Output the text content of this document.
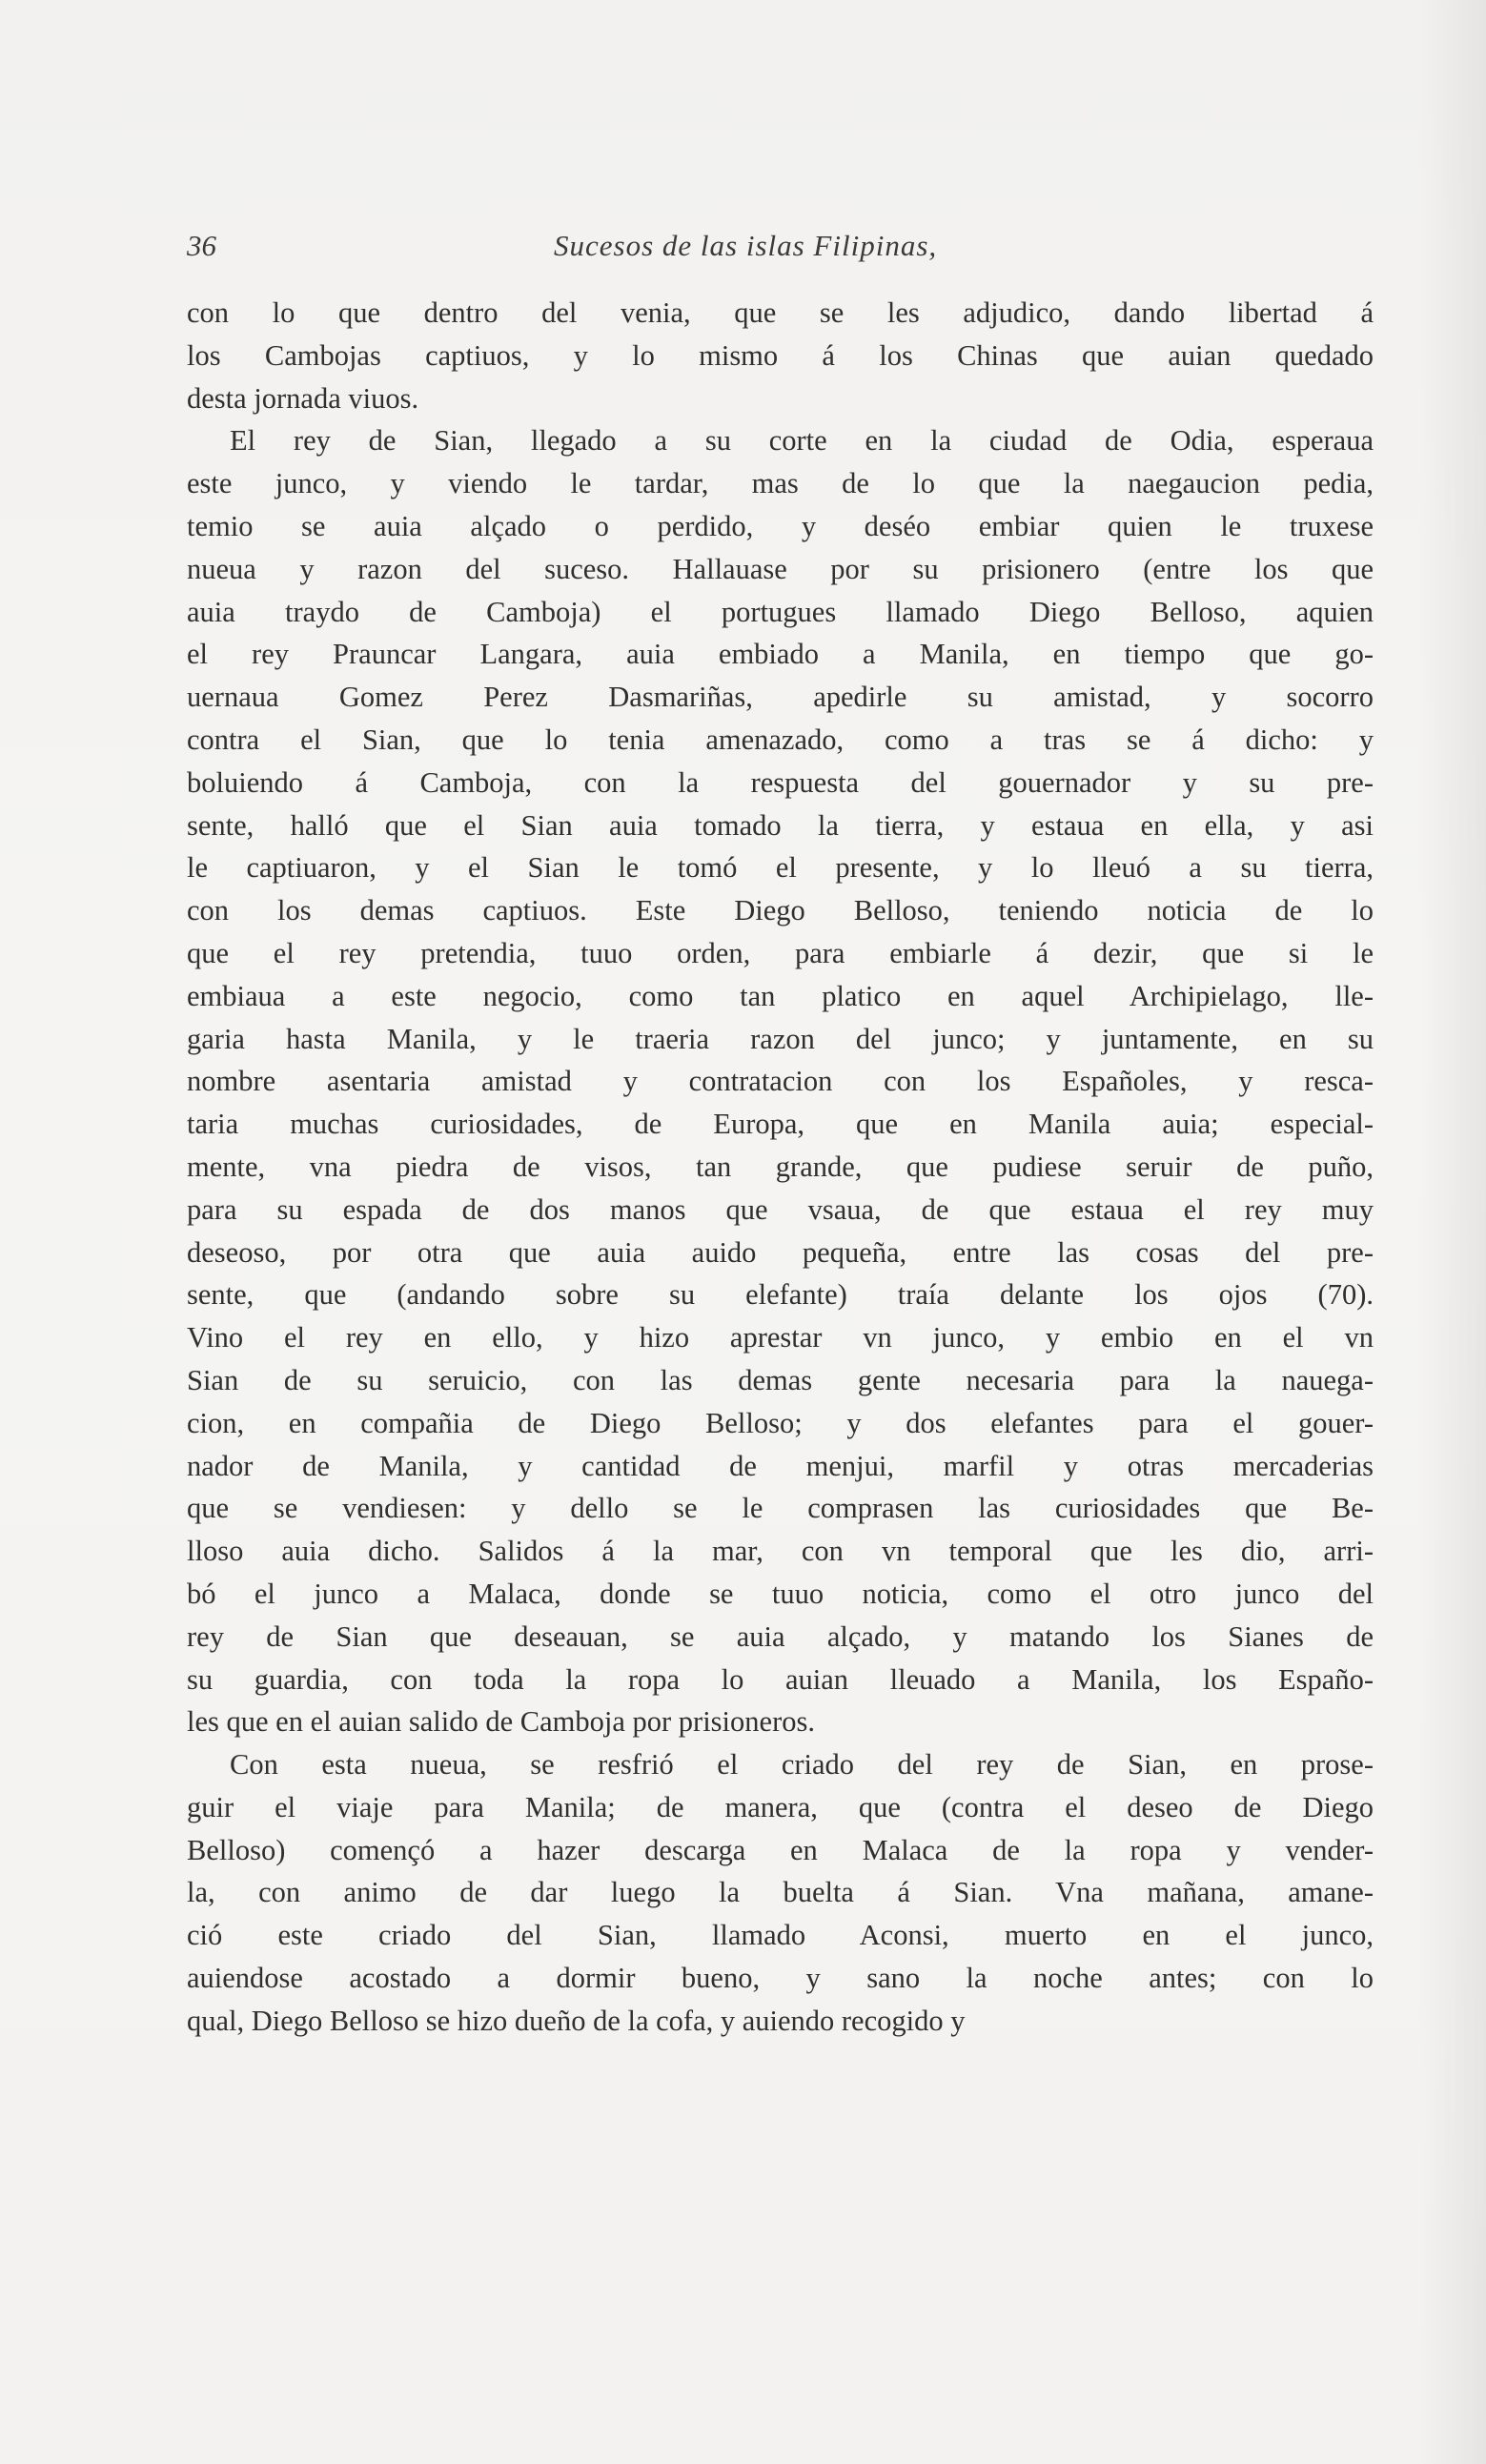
36	Sucesos de las islas Filipinas,
con lo que dentro del venia, que se les adjudico, dando libertad á
los Cambojas captiuos, y lo mismo á los Chinas que auian quedado
desta jornada viuos.
El rey de Sian, llegado a su corte en la ciudad de Odia, esperaua
este junco, y viendo le tardar, mas de lo que la naegaucion pedia,
temio se auia alçado o perdido, y deséo embiar quien le truxese
nueua y razon del suceso. Hallauase por su prisionero (entre los que
auia traydo de Camboja) el portugues llamado Diego Belloso, aquien
el rey Prauncar Langara, auia embiado a Manila, en tiempo que go-
uernaua Gomez Perez Dasmariñas, apedirle su amistad, y socorro
contra el Sian, que lo tenia amenazado, como a tras se á dicho: y
boluiendo á Camboja, con la respuesta del gouernador y su pre-
sente, halló que el Sian auia tomado la tierra, y estaua en ella, y asi
le captiuaron, y el Sian le tomó el presente, y lo lleuó a su tierra,
con los demas captiuos. Este Diego Belloso, teniendo noticia de lo
que el rey pretendia, tuuo orden, para embiarle á dezir, que si le
embiaua a este negocio, como tan platico en aquel Archipielago, lle-
garia hasta Manila, y le traeria razon del junco; y juntamente, en su
nombre asentaria amistad y contratacion con los Españoles, y resca-
taria muchas curiosidades, de Europa, que en Manila auia; especial-
mente, vna piedra de visos, tan grande, que pudiese seruir de puño,
para su espada de dos manos que vsaua, de que estaua el rey muy
deseoso, por otra que auia auido pequeña, entre las cosas del pre-
sente, que (andando sobre su elefante) traía delante los ojos (70).
Vino el rey en ello, y hizo aprestar vn junco, y embio en el vn
Sian de su seruicio, con las demas gente necesaria para la nauega-
cion, en compañia de Diego Belloso; y dos elefantes para el gouer-
nador de Manila, y cantidad de menjui, marfil y otras mercaderias
que se vendiesen: y dello se le comprasen las curiosidades que Be-
lloso auia dicho. Salidos á la mar, con vn temporal que les dio, arri-
bó el junco a Malaca, donde se tuuo noticia, como el otro junco del
rey de Sian que deseauan, se auia alçado, y matando los Sianes de
su guardia, con toda la ropa lo auian lleuado a Manila, los Españo-
les que en el auian salido de Camboja por prisioneros.
Con esta nueua, se resfrió el criado del rey de Sian, en prose-
guir el viaje para Manila; de manera, que (contra el deseo de Diego
Belloso) començó a hazer descarga en Malaca de la ropa y vender-
la, con animo de dar luego la buelta á Sian. Vna mañana, amane-
ció este criado del Sian, llamado Aconsi, muerto en el junco,
auiendose acostado a dormir bueno, y sano la noche antes; con lo
qual, Diego Belloso se hizo dueño de la cofa, y auiendo recogido y
